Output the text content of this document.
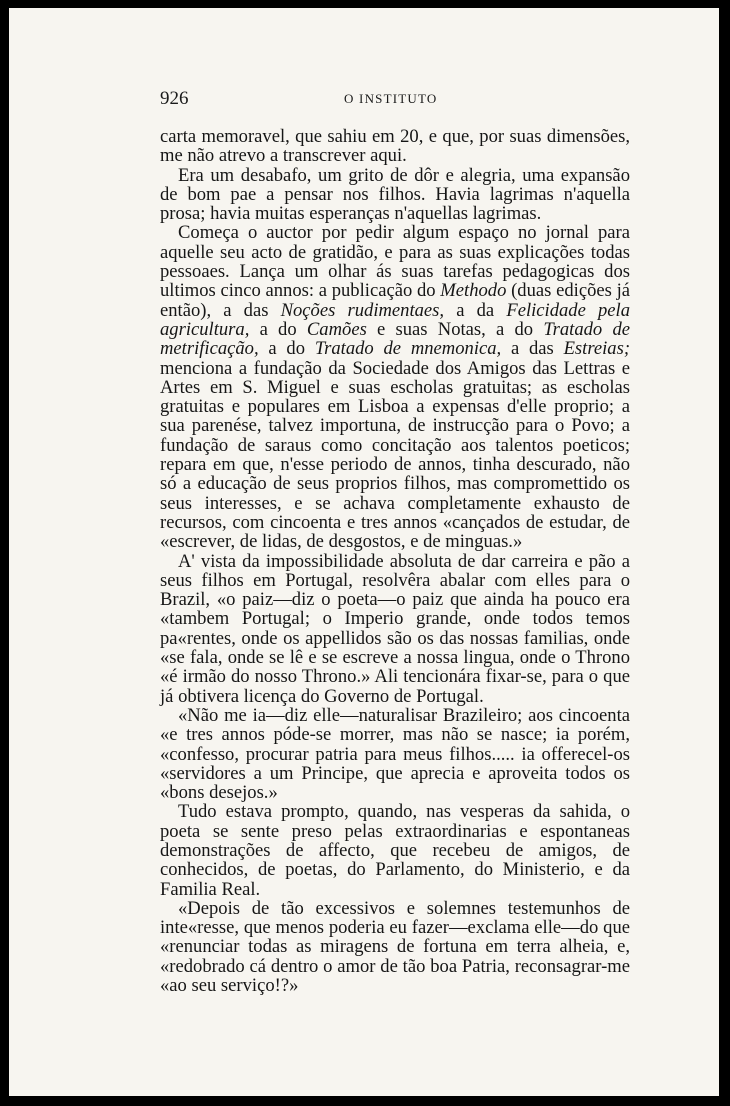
926	O INSTITUTO

carta memoravel, que sahiu em 20, e que, por suas dimensões, me não atrevo a transcrever aqui.

Era um desabafo, um grito de dôr e alegria, uma expansão de bom pae a pensar nos filhos. Havia lagrimas n'aquella prosa; havia muitas esperanças n'aquellas lagrimas.

Começa o auctor por pedir algum espaço no jornal para aquelle seu acto de gratidão, e para as suas explicações todas pessoaes. Lança um olhar ás suas tarefas pedagogicas dos ultimos cinco annos: a publicação do Methodo (duas edições já então), a das Noções rudimentaes, a da Felicidade pela agricultura, a do Camões e suas Notas, a do Tratado de metrificação, a do Tratado de mnemonica, a das Estreias; menciona a fundação da Sociedade dos Amigos das Lettras e Artes em S. Miguel e suas escholas gratuitas; as escholas gratuitas e populares em Lisboa a expensas d'elle proprio; a sua parenése, talvez importuna, de instrucção para o Povo; a fundação de saraus como concitação aos talentos poeticos; repara em que, n'esse periodo de annos, tinha descurado, não só a educação de seus proprios filhos, mas compromettido os seus interesses, e se achava completamente exhausto de recursos, com cincoenta e tres annos «cançados de estudar, de «escrever, de lidas, de desgostos, e de minguas.»

A' vista da impossibilidade absoluta de dar carreira e pão a seus filhos em Portugal, resolvêra abalar com elles para o Brazil, «o paiz—diz o poeta—o paiz que ainda ha pouco era «tambem Portugal; o Imperio grande, onde todos temos pa«rentes, onde os appellidos são os das nossas familias, onde «se fala, onde se lê e se escreve a nossa lingua, onde o Throno «é irmão do nosso Throno.» Ali tencionára fixar-se, para o que já obtivera licença do Governo de Portugal.

«Não me ia—diz elle—naturalisar Brazileiro; aos cincoenta «e tres annos póde-se morrer, mas não se nasce; ia porém, «confesso, procurar patria para meus filhos..... ia offerecel-os «servidores a um Principe, que aprecia e aproveita todos os «bons desejos.»

Tudo estava prompto, quando, nas vesperas da sahida, o poeta se sente preso pelas extraordinarias e espontaneas demonstrações de affecto, que recebeu de amigos, de conhecidos, de poetas, do Parlamento, do Ministerio, e da Familia Real.

«Depois de tão excessivos e solemnes testemunhos de inte«resse, que menos poderia eu fazer—exclama elle—do que «renunciar todas as miragens de fortuna em terra alheia, e, «redobrado cá dentro o amor de tão boa Patria, reconsagrar-me «ao seu serviço!?»
